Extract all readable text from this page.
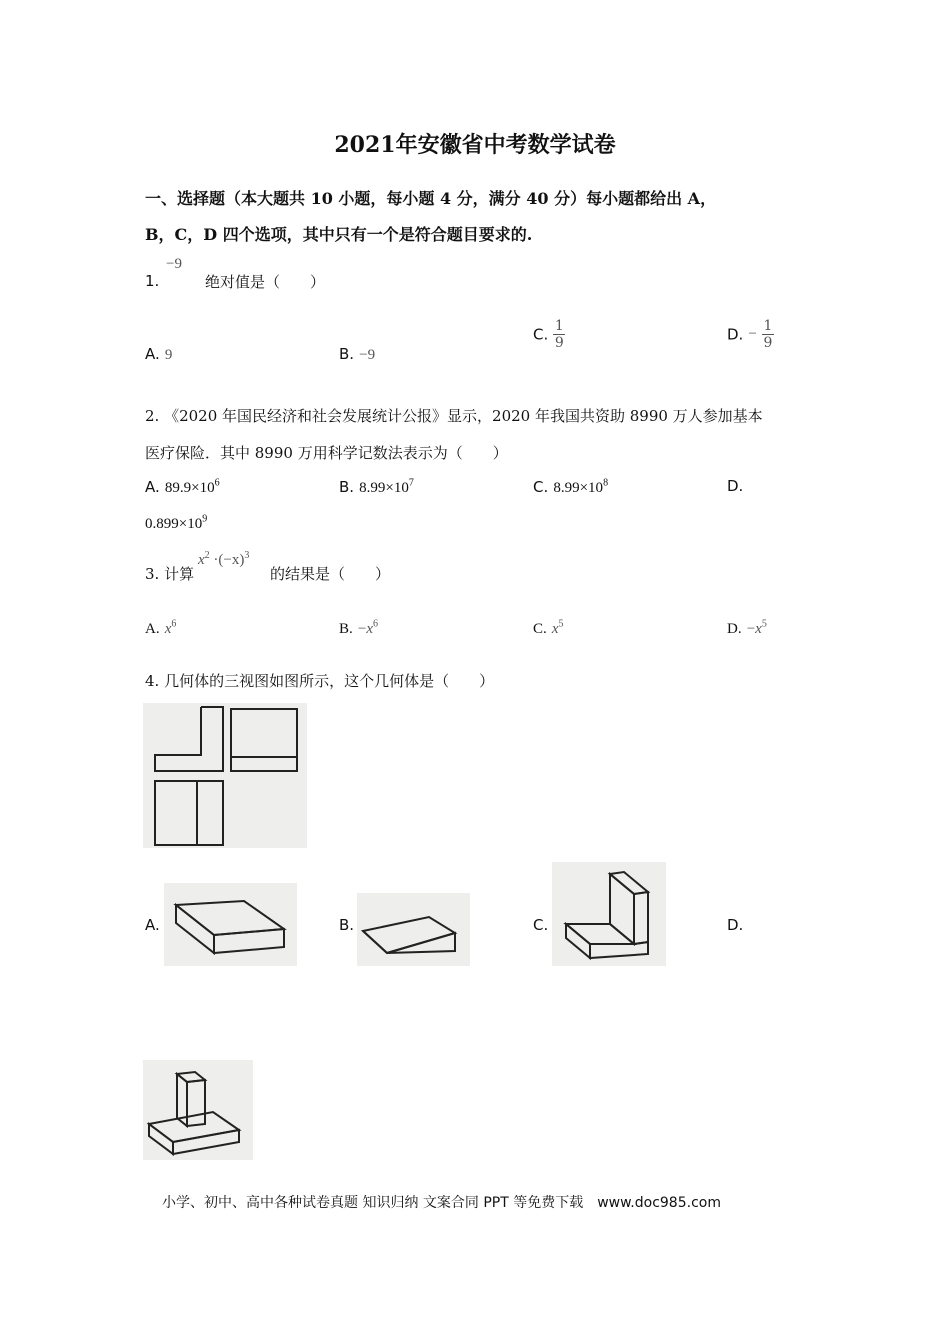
2021年安徽省中考数学试卷
一、选择题（本大题共 10 小题，每小题 4 分，满分 40 分）每小题都给出 A，
B，C，D 四个选项，其中只有一个是符合题目要求的.
1.
−9
绝对值是（　　）
A. 9	B. −9
C. $\frac{1}{9}$	D. − $\frac{1}{9}$
2. 《2020 年国民经济和社会发展统计公报》显示，2020 年我国共资助 8990 万人参加基本
医疗保险．其中 8990 万用科学记数法表示为（　　）
A. $89.9\times 10^6$	B. $8.99\times 10^7$	C. $8.99\times 10^8$	D.
$0.899\times 10^9$
3. 计算
$x^2 \cdot(-x)^3$
的结果是（　　）
A. $x^6$	B. $-x^6$	C. $x^5$	D. $-x^5$
4. 几何体的三视图如图所示，这个几何体是（　　）
A.	B.	C.	D.
小学、初中、高中各种试卷真题 知识归纳 文案合同 PPT 等免费下载　www.doc985.com
